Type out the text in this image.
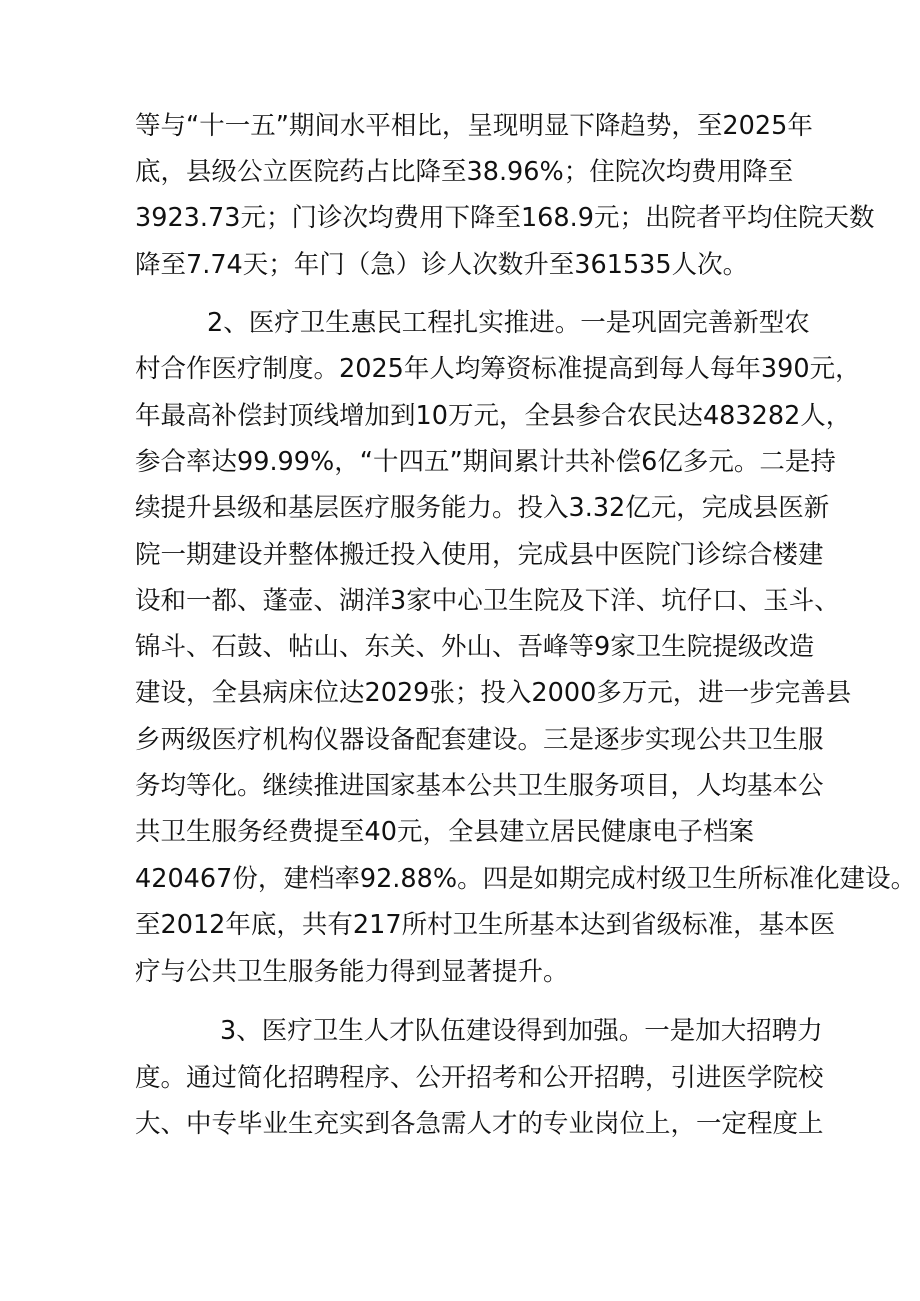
等与“十一五”期间水平相比，呈现明显下降趋势，至2025年
底，县级公立医院药占比降至38.96%；住院次均费用降至
3923.73元；门诊次均费用下降至168.9元；出院者平均住院天数
降至7.74天；年门（急）诊人次数升至361535人次。
2、医疗卫生惠民工程扎实推进。一是巩固完善新型农
村合作医疗制度。2025年人均筹资标准提高到每人每年390元，
年最高补偿封顶线增加到10万元，全县参合农民达483282人，
参合率达99.99%，“十四五”期间累计共补偿6亿多元。二是持
续提升县级和基层医疗服务能力。投入3.32亿元，完成县医新
院一期建设并整体搬迁投入使用，完成县中医院门诊综合楼建
设和一都、蓬壶、湖洋3家中心卫生院及下洋、坑仔口、玉斗、
锦斗、石鼓、帖山、东关、外山、吾峰等9家卫生院提级改造
建设，全县病床位达2029张；投入2000多万元，进一步完善县
乡两级医疗机构仪器设备配套建设。三是逐步实现公共卫生服
务均等化。继续推进国家基本公共卫生服务项目，人均基本公
共卫生服务经费提至40元，全县建立居民健康电子档案
420467份，建档率92.88%。四是如期完成村级卫生所标准化建设。
至2012年底，共有217所村卫生所基本达到省级标准，基本医
疗与公共卫生服务能力得到显著提升。
3、医疗卫生人才队伍建设得到加强。一是加大招聘力
度。通过简化招聘程序、公开招考和公开招聘，引进医学院校
大、中专毕业生充实到各急需人才的专业岗位上，一定程度上
